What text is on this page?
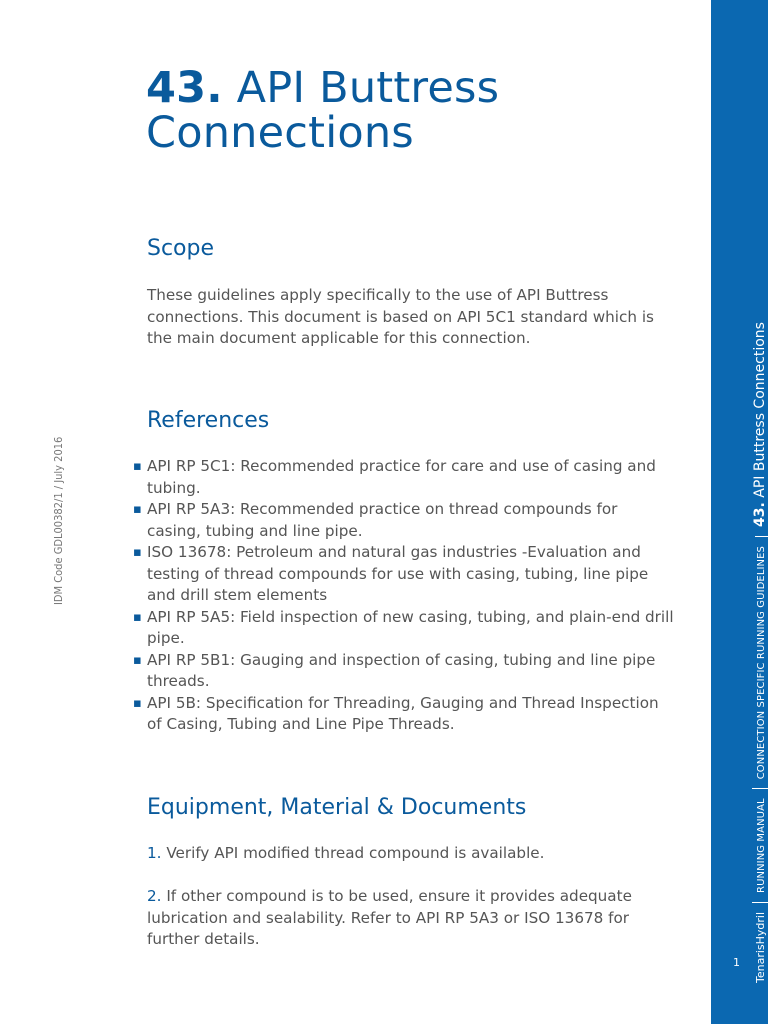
43. API Buttress Connections
Scope
These guidelines apply specifically to the use of API Buttress connections. This document is based on API 5C1 standard which is the main document applicable for this connection.
References
▪ API RP 5C1: Recommended practice for care and use of casing and tubing.
▪ API RP 5A3: Recommended practice on thread compounds for casing, tubing and line pipe.
▪ ISO 13678: Petroleum and natural gas industries -Evaluation and testing of thread compounds for use with casing, tubing, line pipe and drill stem elements
▪ API RP 5A5: Field inspection of new casing, tubing, and plain-end drill pipe.
▪ API RP 5B1: Gauging and inspection of casing, tubing and line pipe threads.
▪ API 5B: Specification for Threading, Gauging and Thread Inspection of Casing, Tubing and Line Pipe Threads.
Equipment, Material & Documents
1. Verify API modified thread compound is available.
2. If other compound is to be used, ensure it provides adequate lubrication and sealability. Refer to API RP 5A3 or ISO 13678 for further details.
IDM Code GDL00382/1 / July 2016
TenarisHydril
RUNNING MANUAL
CONNECTION SPECIFIC RUNNING GUIDELINES
43. API Buttress Connections
1
